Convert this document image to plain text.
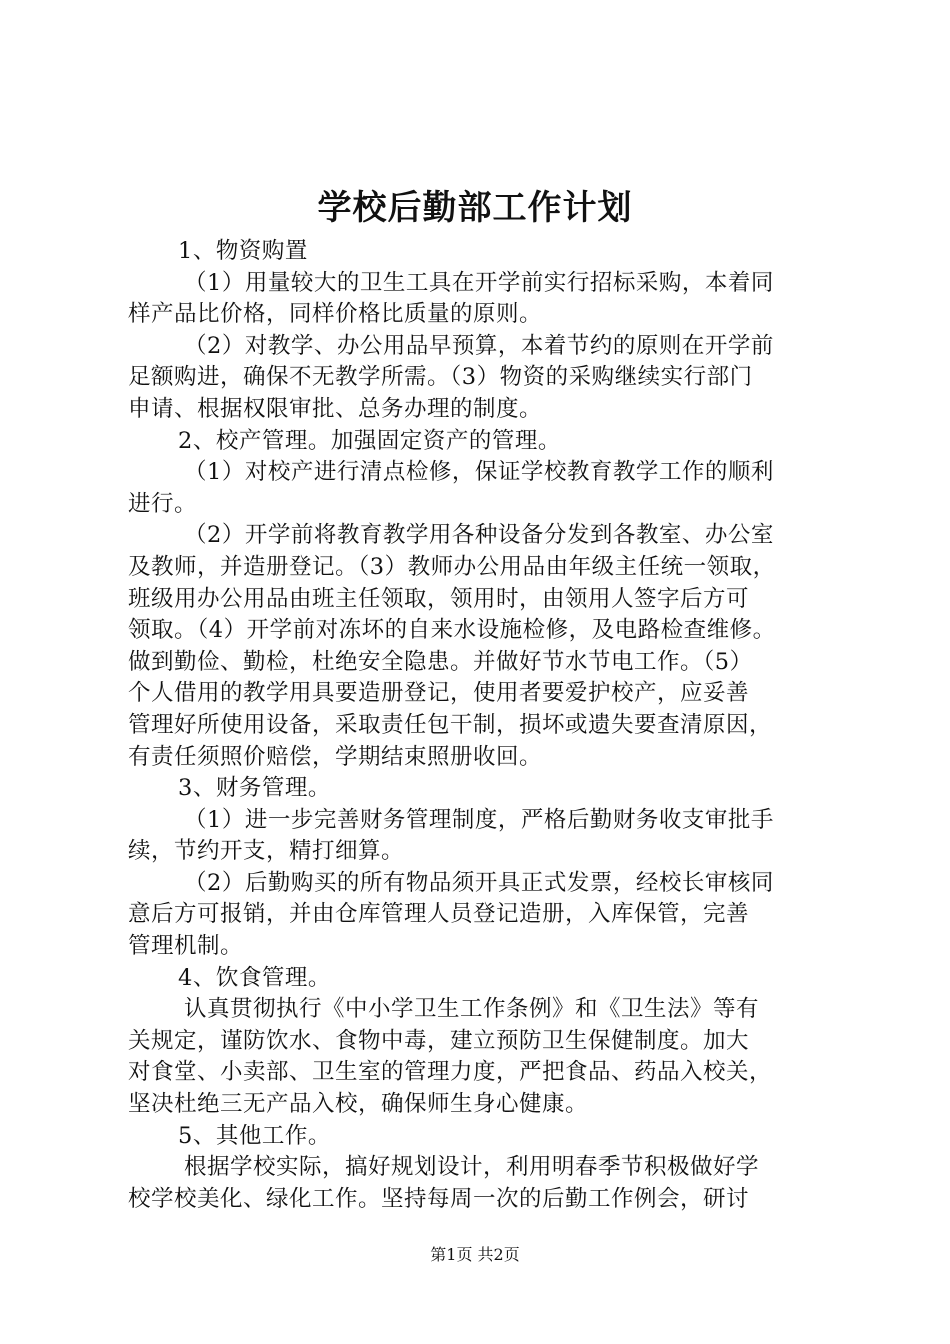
学校后勤部工作计划
1、物资购置
（1）用量较大的卫生工具在开学前实行招标采购，本着同
样产品比价格，同样价格比质量的原则。
（2）对教学、办公用品早预算，本着节约的原则在开学前
足额购进，确保不无教学所需。（3）物资的采购继续实行部门
申请、根据权限审批、总务办理的制度。
2、校产管理。加强固定资产的管理。
（1）对校产进行清点检修，保证学校教育教学工作的顺利
进行。
（2）开学前将教育教学用各种设备分发到各教室、办公室
及教师，并造册登记。（3）教师办公用品由年级主任统一领取，
班级用办公用品由班主任领取，领用时，由领用人签字后方可
领取。（4）开学前对冻坏的自来水设施检修，及电路检查维修。
做到勤俭、勤检，杜绝安全隐患。并做好节水节电工作。（5）
个人借用的教学用具要造册登记，使用者要爱护校产，应妥善
管理好所使用设备，采取责任包干制，损坏或遗失要查清原因，
有责任须照价赔偿，学期结束照册收回。
3、财务管理。
（1）进一步完善财务管理制度，严格后勤财务收支审批手
续，节约开支，精打细算。
（2）后勤购买的所有物品须开具正式发票，经校长审核同
意后方可报销，并由仓库管理人员登记造册，入库保管，完善
管理机制。
4、饮食管理。
认真贯彻执行《中小学卫生工作条例》和《卫生法》等有
关规定，谨防饮水、食物中毒，建立预防卫生保健制度。加大
对食堂、小卖部、卫生室的管理力度，严把食品、药品入校关，
坚决杜绝三无产品入校，确保师生身心健康。
5、其他工作。
根据学校实际，搞好规划设计，利用明春季节积极做好学
校学校美化、绿化工作。坚持每周一次的后勤工作例会，研讨
第1页 共2页
